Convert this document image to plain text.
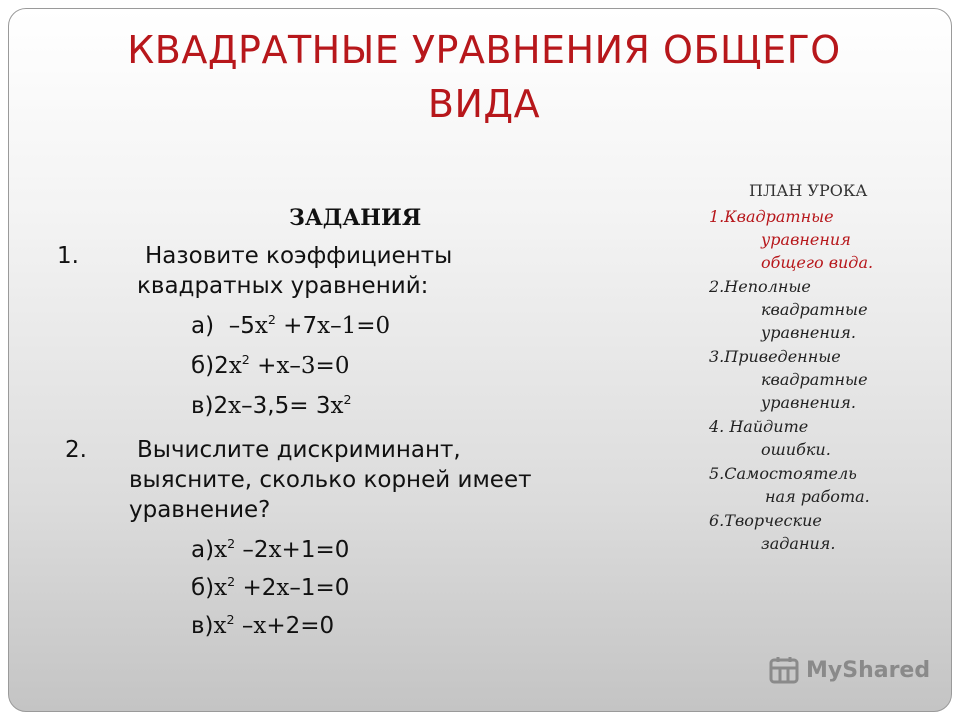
КВАДРАТНЫЕ УРАВНЕНИЯ ОБЩЕГО
ВИДА
ЗАДАНИЯ
1.	Назовите коэффициенты
квадратных уравнений:
а) $-5x^2 +7x-1=0$
$б)2x^2 +x-3=0$
$в)2x-3,5= 3x^2$
2. Вычислите дискриминант,
выясните, сколько корней имеет
уравнение?
$а)x^2$ –2x+1=0
$б)x^2 +2x-1=0$
$в)x^2$ –x+2=0
ПЛАН УРОКА
1.Квадратные
уравнения
общего вида.
2.Неполные
квадратные
уравнения.
3.Приведенные
квадратные
уравнения.
4. Найдите
ошибки.
5.Самостоятель
ная работа.
6.Творческие
задания.
MyShared
